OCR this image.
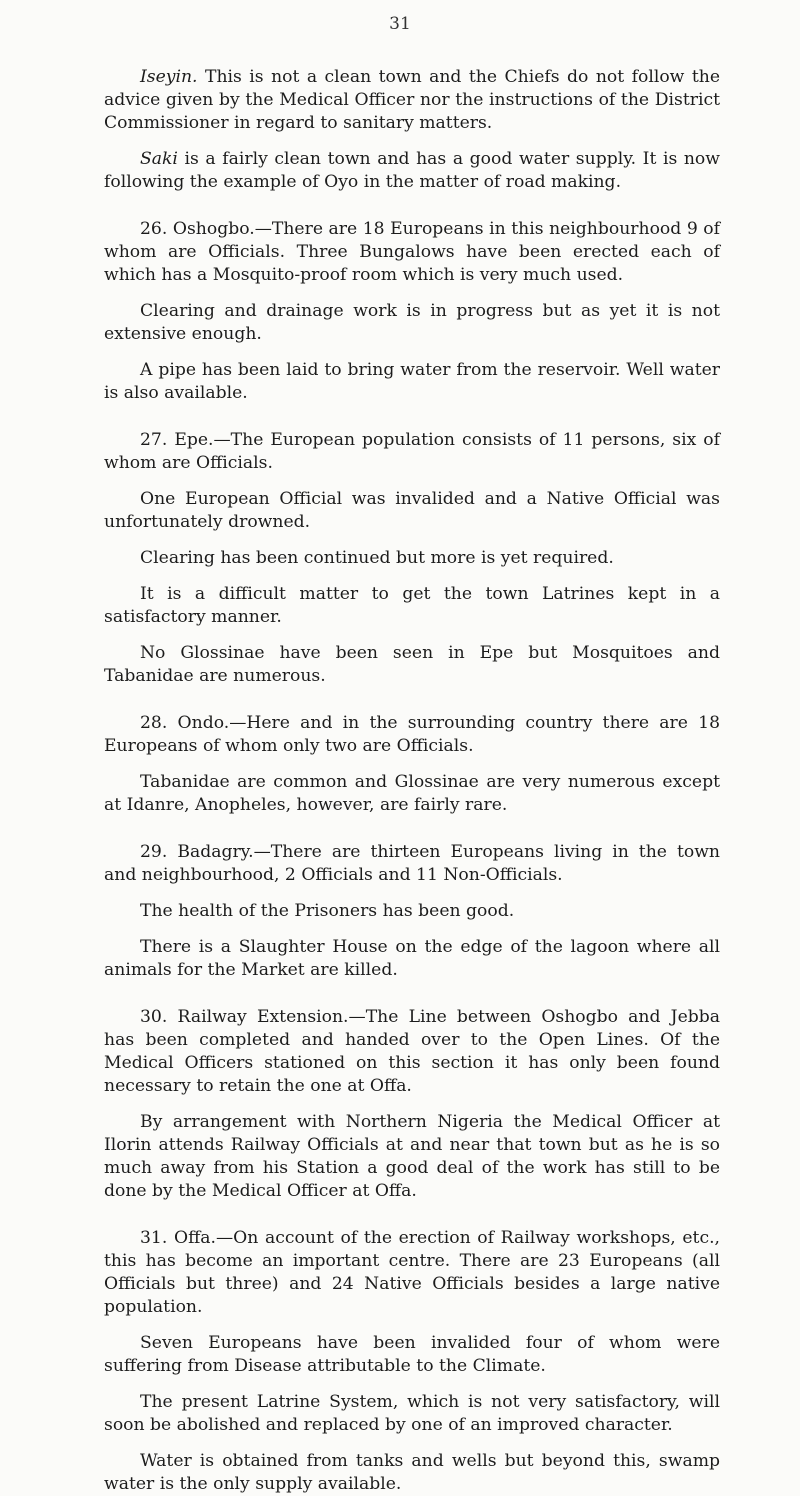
31

Iseyin. This is not a clean town and the Chiefs do not follow the advice given by the Medical Officer nor the instructions of the District Commissioner in regard to sanitary matters.

Saki is a fairly clean town and has a good water supply. It is now following the example of Oyo in the matter of road making.

26. Oshogbo.—There are 18 Europeans in this neighbourhood 9 of whom are Officials. Three Bungalows have been erected each of which has a Mosquito-proof room which is very much used.

Clearing and drainage work is in progress but as yet it is not extensive enough.

A pipe has been laid to bring water from the reservoir. Well water is also available.

27. Epe.—The European population consists of 11 persons, six of whom are Officials.

One European Official was invalided and a Native Official was unfortunately drowned.

Clearing has been continued but more is yet required.

It is a difficult matter to get the town Latrines kept in a satisfactory manner.

No Glossinae have been seen in Epe but Mosquitoes and Tabanidae are numerous.

28. Ondo.—Here and in the surrounding country there are 18 Europeans of whom only two are Officials.

Tabanidae are common and Glossinae are very numerous except at Idanre, Anopheles, however, are fairly rare.

29. Badagry.—There are thirteen Europeans living in the town and neighbourhood, 2 Officials and 11 Non-Officials.

The health of the Prisoners has been good.

There is a Slaughter House on the edge of the lagoon where all animals for the Market are killed.

30. Railway Extension.—The Line between Oshogbo and Jebba has been completed and handed over to the Open Lines. Of the Medical Officers stationed on this section it has only been found necessary to retain the one at Offa.

By arrangement with Northern Nigeria the Medical Officer at Ilorin attends Railway Officials at and near that town but as he is so much away from his Station a good deal of the work has still to be done by the Medical Officer at Offa.

31. Offa.—On account of the erection of Railway workshops, etc., this has become an important centre. There are 23 Europeans (all Officials but three) and 24 Native Officials besides a large native population.

Seven Europeans have been invalided four of whom were suffering from Disease attributable to the Climate.

The present Latrine System, which is not very satisfactory, will soon be abolished and replaced by one of an improved character.

Water is obtained from tanks and wells but beyond this, swamp water is the only supply available.
